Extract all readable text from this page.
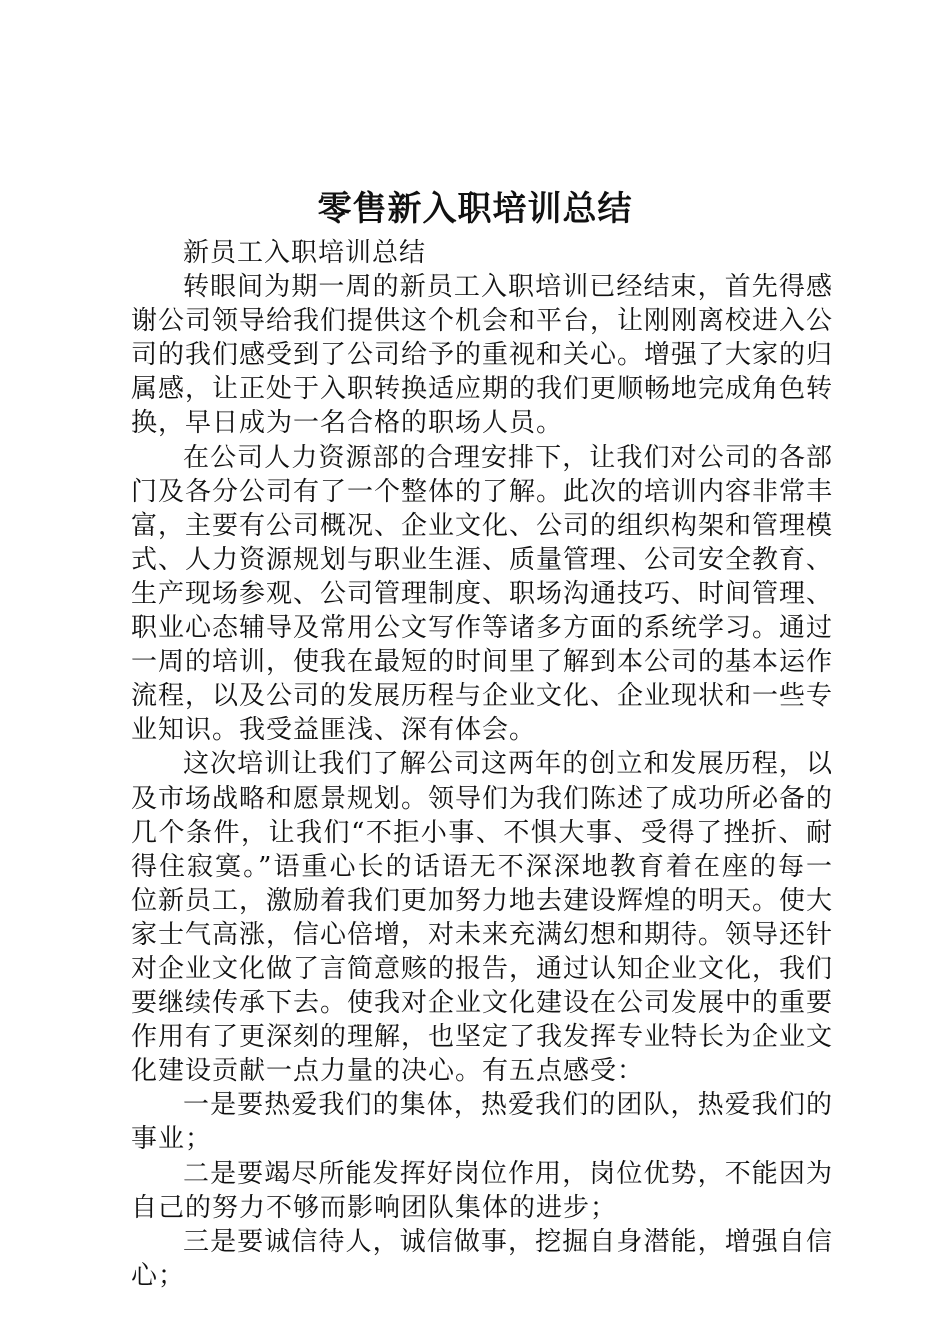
零售新入职培训总结

新员工入职培训总结

转眼间为期一周的新员工入职培训已经结束，首先得感谢公司领导给我们提供这个机会和平台，让刚刚离校进入公司的我们感受到了公司给予的重视和关心。增强了大家的归属感，让正处于入职转换适应期的我们更顺畅地完成角色转换，早日成为一名合格的职场人员。

在公司人力资源部的合理安排下，让我们对公司的各部门及各分公司有了一个整体的了解。此次的培训内容非常丰富，主要有公司概况、企业文化、公司的组织构架和管理模式、人力资源规划与职业生涯、质量管理、公司安全教育、生产现场参观、公司管理制度、职场沟通技巧、时间管理、职业心态辅导及常用公文写作等诸多方面的系统学习。通过一周的培训，使我在最短的时间里了解到本公司的基本运作流程，以及公司的发展历程与企业文化、企业现状和一些专业知识。我受益匪浅、深有体会。

这次培训让我们了解公司这两年的创立和发展历程，以及市场战略和愿景规划。领导们为我们陈述了成功所必备的几个条件，让我们“不拒小事、不惧大事、受得了挫折、耐得住寂寞。”语重心长的话语无不深深地教育着在座的每一位新员工，激励着我们更加努力地去建设辉煌的明天。使大家士气高涨，信心倍增，对未来充满幻想和期待。领导还针对企业文化做了言简意赅的报告，通过认知企业文化，我们要继续传承下去。使我对企业文化建设在公司发展中的重要作用有了更深刻的理解，也坚定了我发挥专业特长为企业文化建设贡献一点力量的决心。有五点感受：

一是要热爱我们的集体，热爱我们的团队，热爱我们的事业；

二是要竭尽所能发挥好岗位作用，岗位优势，不能因为自己的努力不够而影响团队集体的进步；

三是要诚信待人，诚信做事，挖掘自身潜能，增强自信心；
